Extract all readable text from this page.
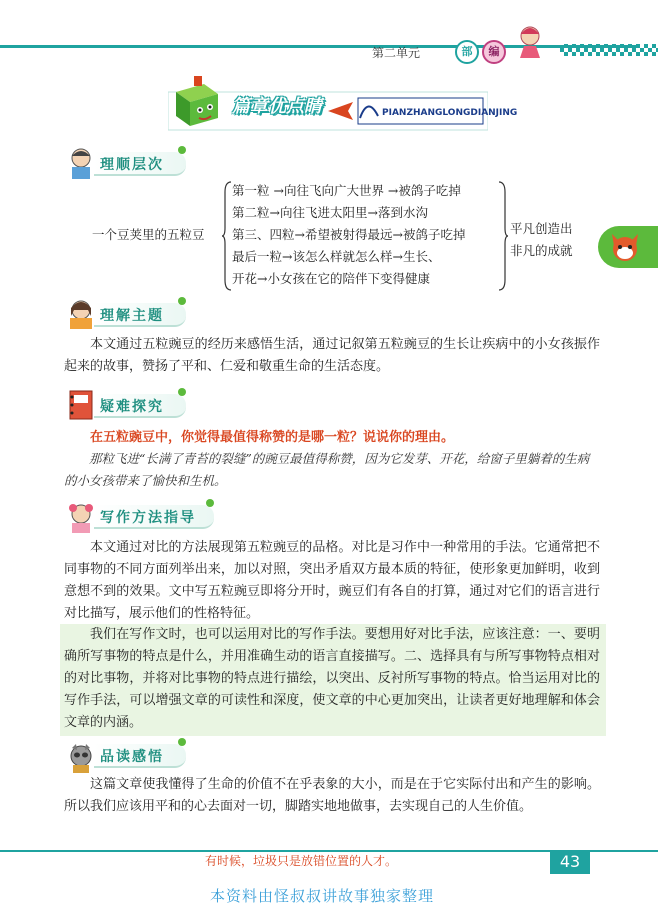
第二单元	部	编
篇章优点睛	PIANZHANGLONGDIANJING
理顺层次
一个豆荚里的五粒豆
第一粒 →向往飞向广大世界 →被鸽子吃掉
第二粒→向往飞进太阳里→落到水沟
第三、四粒→希望被射得最远→被鸽子吃掉
最后一粒→该怎么样就怎么样→生长、
开花→小女孩在它的陪伴下变得健康
平凡创造出
非凡的成就
理解主题
本文通过五粒豌豆的经历来感悟生活，通过记叙第五粒豌豆的生长让疾病中的小女孩振作起来的故事，赞扬了平和、仁爱和敬重生命的生活态度。
疑难探究
在五粒豌豆中，你觉得最值得称赞的是哪一粒？说说你的理由。
那粒飞进“长满了青苔的裂缝”的豌豆最值得称赞，因为它发芽、开花，给窗子里躺着的生病的小女孩带来了愉快和生机。
写作方法指导
本文通过对比的方法展现第五粒豌豆的品格。对比是习作中一种常用的手法。它通常把不同事物的不同方面列举出来，加以对照，突出矛盾双方最本质的特征，使形象更加鲜明，收到意想不到的效果。文中写五粒豌豆即将分开时，豌豆们有各自的打算，通过对它们的语言进行对比描写，展示他们的性格特征。
我们在写作文时，也可以运用对比的写作手法。要想用好对比手法，应该注意：一、要明确所写事物的特点是什么，并用准确生动的语言直接描写。二、选择具有与所写事物特点相对的对比事物，并将对比事物的特点进行描绘，以突出、反衬所写事物的特点。恰当运用对比的写作手法，可以增强文章的可读性和深度，使文章的中心更加突出，让读者更好地理解和体会文章的内涵。
品读感悟
这篇文章使我懂得了生命的价值不在乎表象的大小，而是在于它实际付出和产生的影响。所以我们应该用平和的心去面对一切，脚踏实地地做事，去实现自己的人生价值。
有时候，垃圾只是放错位置的人才。	43
本资料由怪叔叔讲故事独家整理
